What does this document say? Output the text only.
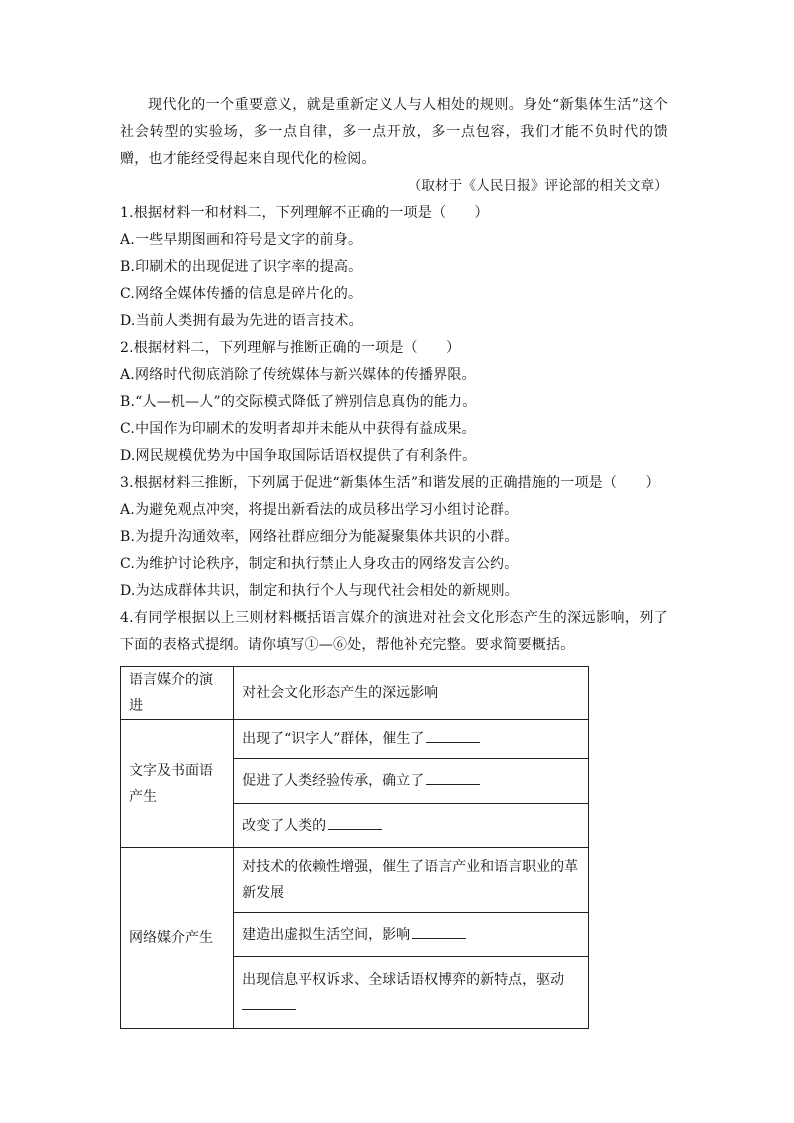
现代化的一个重要意义，就是重新定义人与人相处的规则。身处“新集体生活”这个社会转型的实验场，多一点自律，多一点开放，多一点包容，我们才能不负时代的馈赠，也才能经受得起来自现代化的检阅。

（取材于《人民日报》评论部的相关文章）

1.根据材料一和材料二，下列理解不正确的一项是（　　）

A.一些早期图画和符号是文字的前身。

B.印刷术的出现促进了识字率的提高。

C.网络全媒体传播的信息是碎片化的。

D.当前人类拥有最为先进的语言技术。

2.根据材料二，下列理解与推断正确的一项是（　　）

A.网络时代彻底消除了传统媒体与新兴媒体的传播界限。

B.“人—机—人”的交际模式降低了辨别信息真伪的能力。

C.中国作为印刷术的发明者却并未能从中获得有益成果。

D.网民规模优势为中国争取国际话语权提供了有利条件。

3.根据材料三推断，下列属于促进“新集体生活”和谐发展的正确措施的一项是（　　）

A.为避免观点冲突，将提出新看法的成员移出学习小组讨论群。

B.为提升沟通效率，网络社群应细分为能凝聚集体共识的小群。

C.为维护讨论秩序，制定和执行禁止人身攻击的网络发言公约。

D.为达成群体共识，制定和执行个人与现代社会相处的新规则。

4.有同学根据以上三则材料概括语言媒介的演进对社会文化形态产生的深远影响，列了下面的表格式提纲。请你填写①—⑥处，帮他补充完整。要求简要概括。

语言媒介的演进	对社会文化形态产生的深远影响
文字及书面语产生	出现了“识字人”群体，催生了
	促进了人类经验传承，确立了
	改变了人类的
网络媒介产生	对技术的依赖性增强，催生了语言产业和语言职业的革新发展
	建造出虚拟生活空间，影响
	出现信息平权诉求、全球话语权博弈的新特点，驱动
